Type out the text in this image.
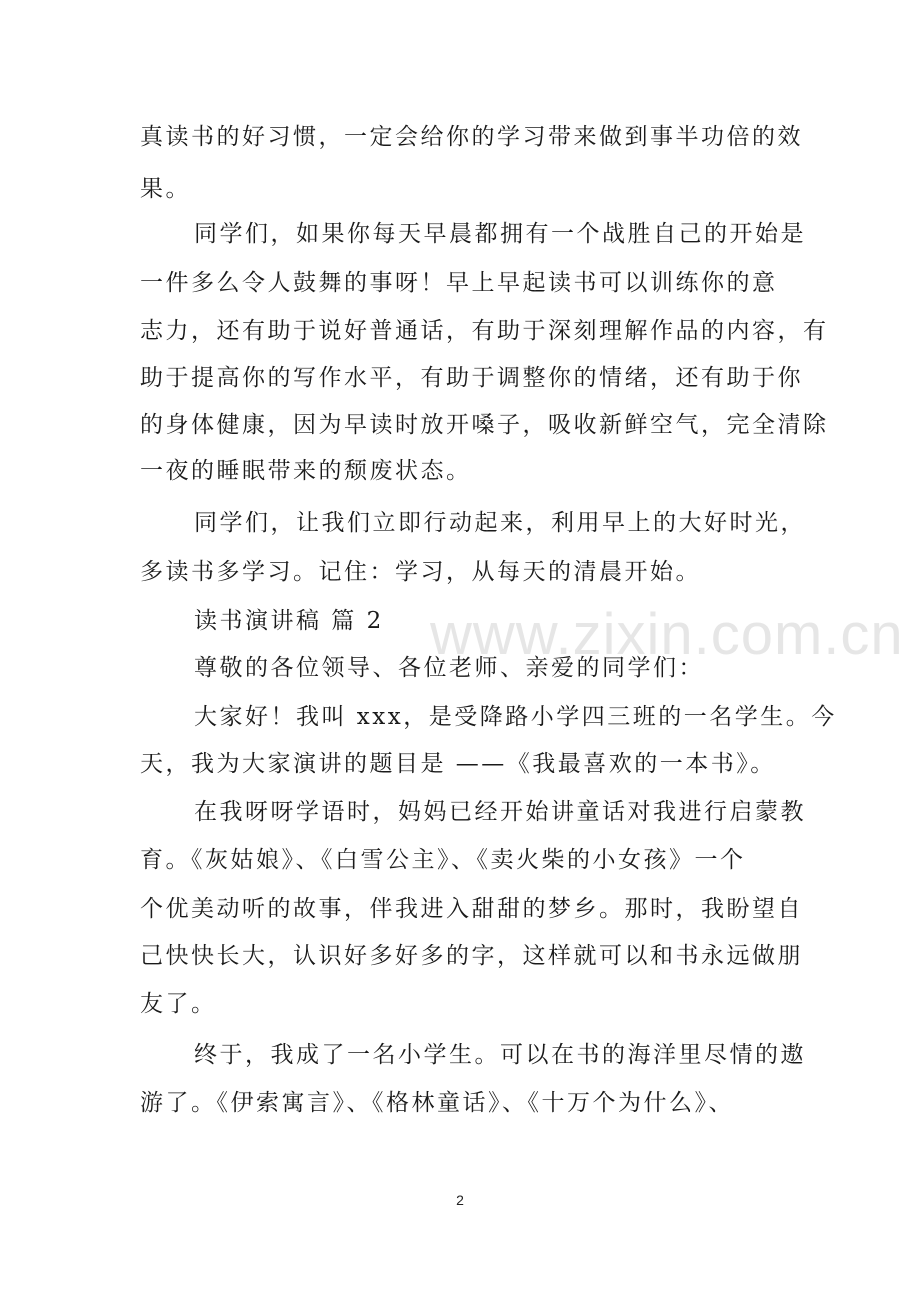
真读书的好习惯，一定会给你的学习带来做到事半功倍的效
果。
同学们，如果你每天早晨都拥有一个战胜自己的开始是
一件多么令人鼓舞的事呀！早上早起读书可以训练你的意
志力，还有助于说好普通话，有助于深刻理解作品的内容，有
助于提高你的写作水平，有助于调整你的情绪，还有助于你
的身体健康，因为早读时放开嗓子，吸收新鲜空气，完全清除
一夜的睡眠带来的颓废状态。
同学们，让我们立即行动起来，利用早上的大好时光，
多读书多学习。记住：学习，从每天的清晨开始。
读书演讲稿 篇 2
尊敬的各位领导、各位老师、亲爱的同学们：
大家好！我叫 xxx，是受降路小学四三班的一名学生。今
天，我为大家演讲的题目是 ——《我最喜欢的一本书》。
在我呀呀学语时，妈妈已经开始讲童话对我进行启蒙教
育。《灰姑娘》、《白雪公主》、《卖火柴的小女孩》一个
个优美动听的故事，伴我进入甜甜的梦乡。那时，我盼望自
己快快长大，认识好多好多的字，这样就可以和书永远做朋
友了。
终于，我成了一名小学生。可以在书的海洋里尽情的遨
游了。《伊索寓言》、《格林童话》、《十万个为什么》、
www.zixin.com.cn
2
